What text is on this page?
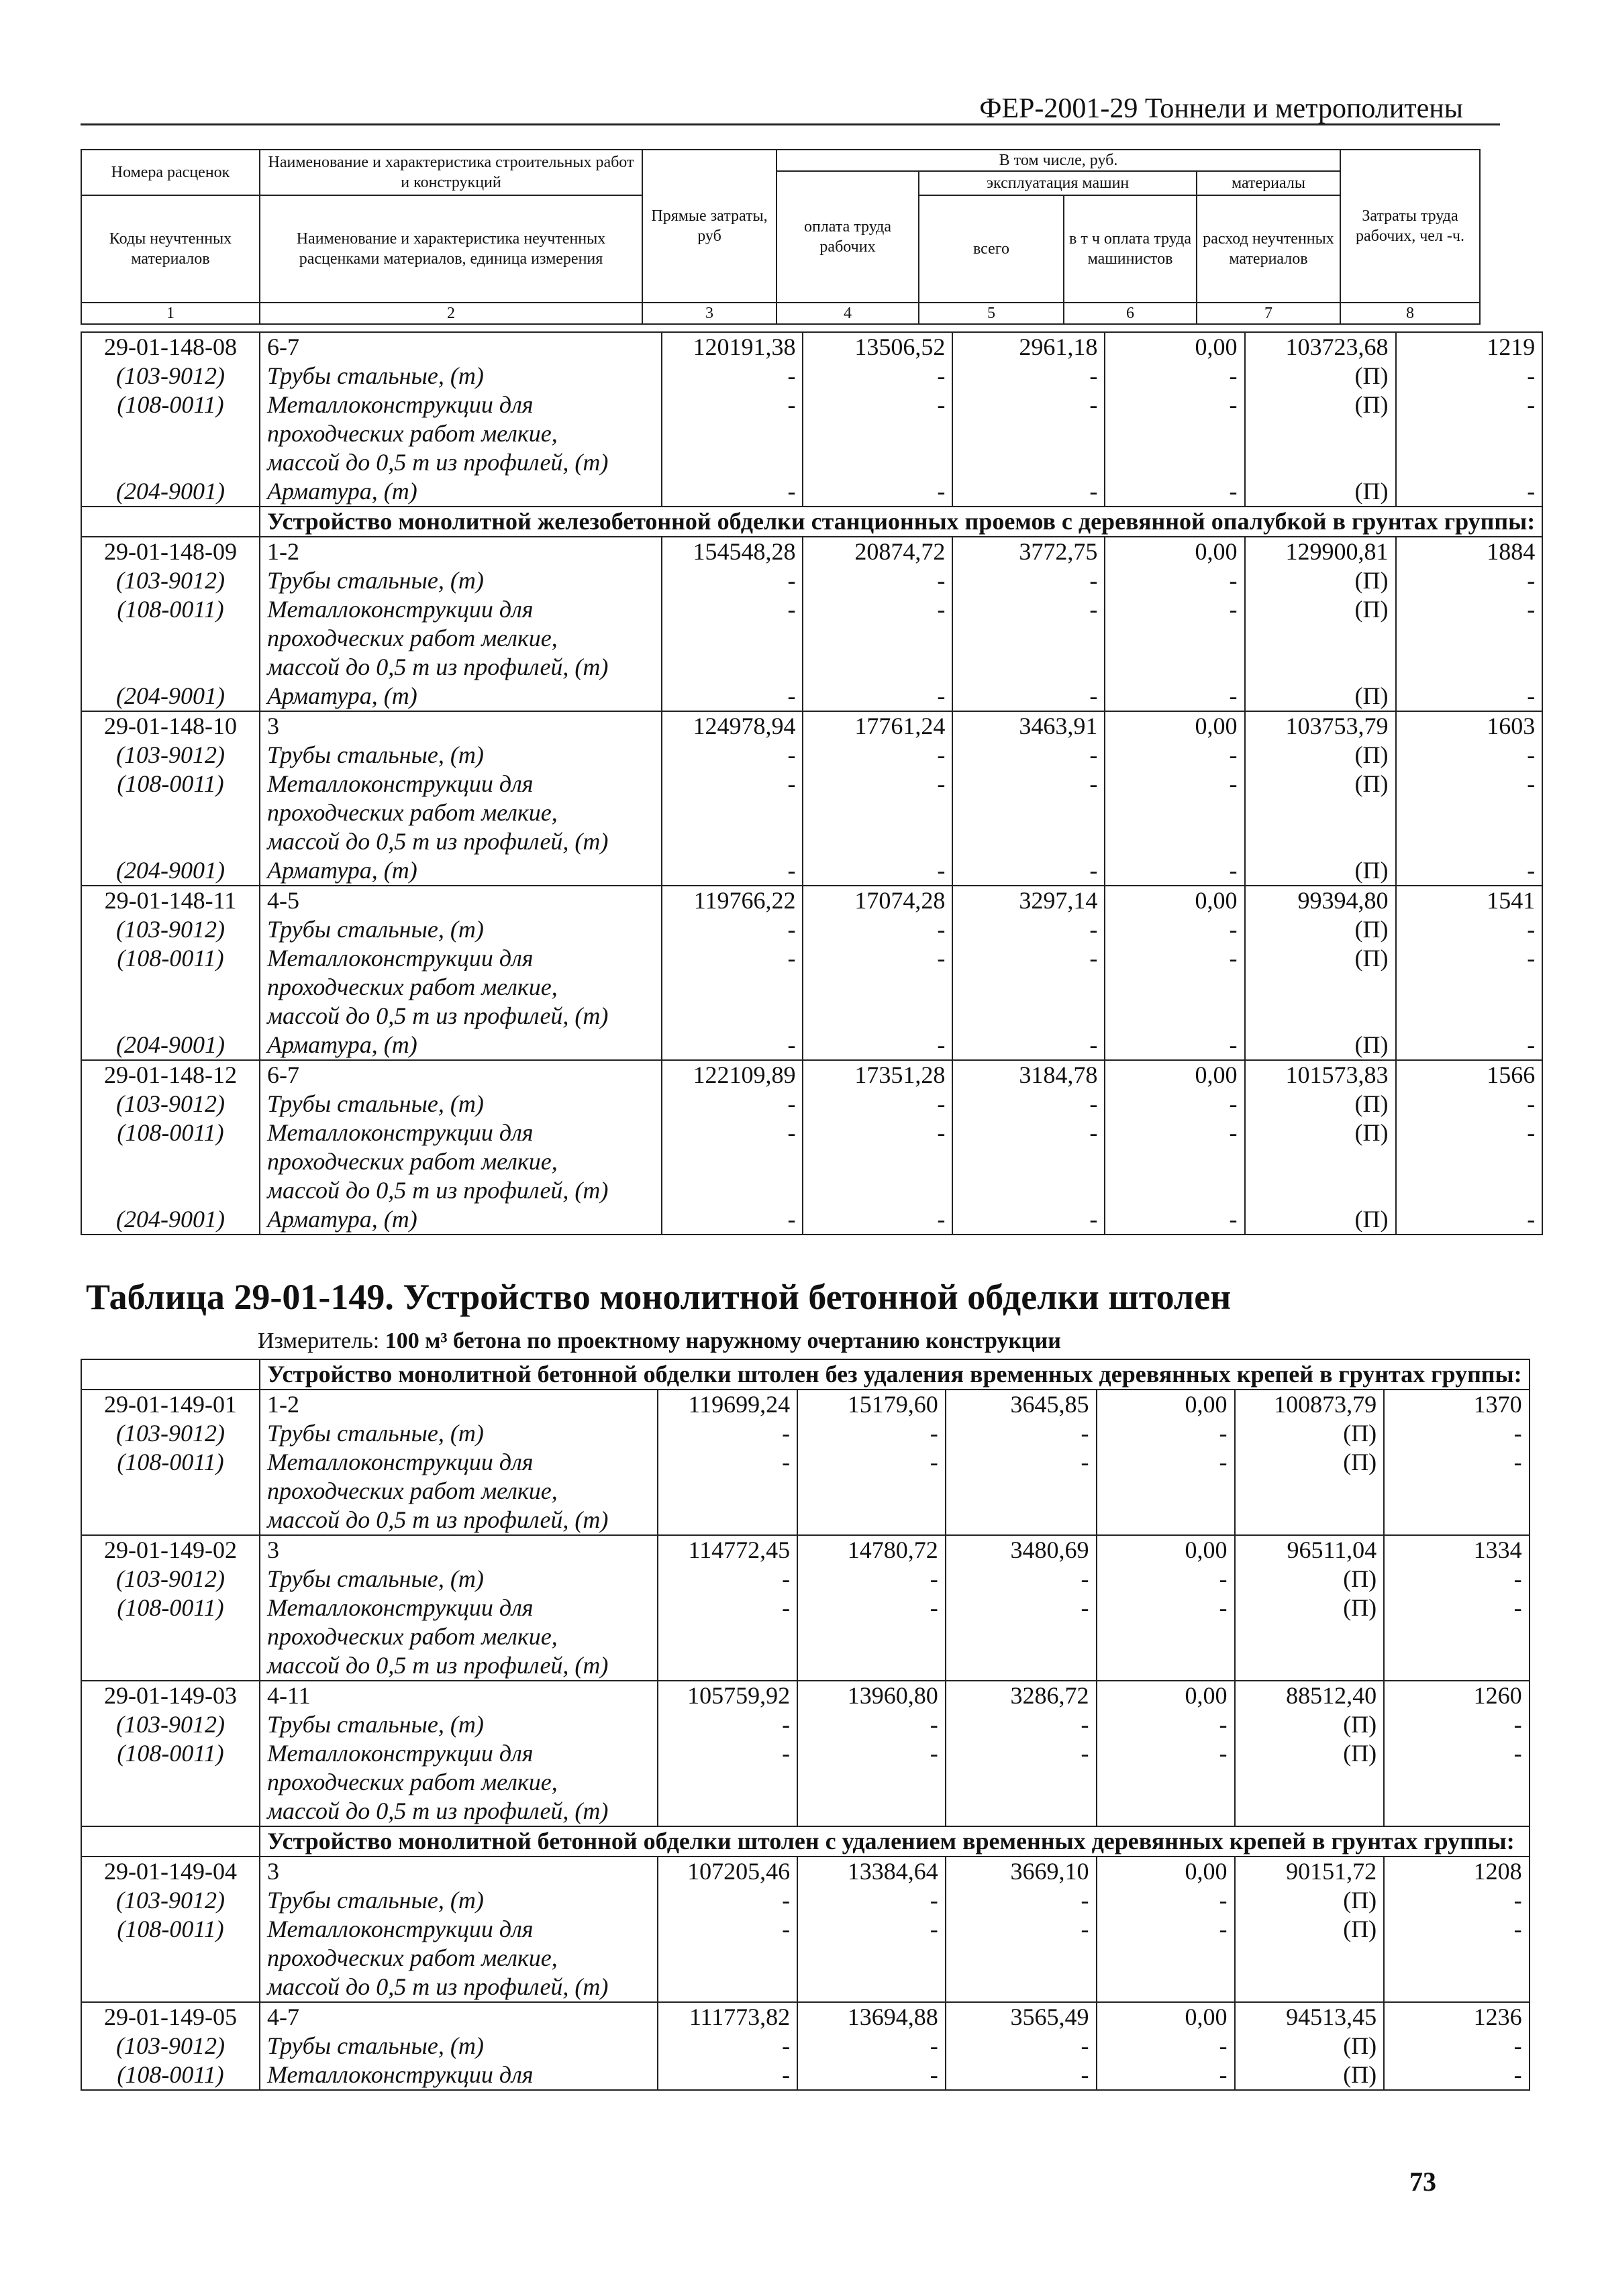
ФЕР-2001-29 Тоннели и метрополитены
Номера расценок	Наименование и характеристика строительных работ и конструкций	Прямые затраты, руб	В том числе, руб.				Затраты труда рабочих, чел -ч.
			оплата труда рабочих	эксплуатация машин		материалы	
Коды неучтенных материалов	Наименование и характеристика неучтенных расценками материалов, единица измерения			всего	в т ч оплата труда машинистов	расход неучтенных материалов	

1	2	3	4	5	6	7	8
29-01-148-08	6-7	120191,38	13506,52	2961,18	0,00	103723,68	1219
(103-9012)	Трубы стальные, (т)	-	-	-	-	(П)	-
(108-0011)	Металлоконструкции для	-	-	-	-	(П)	-
	проходческих работ мелкие,						
	массой до 0,5 т из профилей, (т)						
(204-9001)	Арматура, (т)	-	-	-	-	(П)	-
	Устройство монолитной железобетонной обделки станционных проемов с деревянной опалубкой в грунтах группы:						
29-01-148-09	1-2	154548,28	20874,72	3772,75	0,00	129900,81	1884
(103-9012)	Трубы стальные, (т)	-	-	-	-	(П)	-
(108-0011)	Металлоконструкции для	-	-	-	-	(П)	-
	проходческих работ мелкие,						
	массой до 0,5 т из профилей, (т)						
(204-9001)	Арматура, (т)	-	-	-	-	(П)	-
29-01-148-10	3	124978,94	17761,24	3463,91	0,00	103753,79	1603
(103-9012)	Трубы стальные, (т)	-	-	-	-	(П)	-
(108-0011)	Металлоконструкции для	-	-	-	-	(П)	-
	проходческих работ мелкие,						
	массой до 0,5 т из профилей, (т)						
(204-9001)	Арматура, (т)	-	-	-	-	(П)	-
29-01-148-11	4-5	119766,22	17074,28	3297,14	0,00	99394,80	1541
(103-9012)	Трубы стальные, (т)	-	-	-	-	(П)	-
(108-0011)	Металлоконструкции для	-	-	-	-	(П)	-
	проходческих работ мелкие,						
	массой до 0,5 т из профилей, (т)						
(204-9001)	Арматура, (т)	-	-	-	-	(П)	-
29-01-148-12	6-7	122109,89	17351,28	3184,78	0,00	101573,83	1566
(103-9012)	Трубы стальные, (т)	-	-	-	-	(П)	-
(108-0011)	Металлоконструкции для	-	-	-	-	(П)	-
	проходческих работ мелкие,						
	массой до 0,5 т из профилей, (т)						
(204-9001)	Арматура, (т)	-	-	-	-	(П)	-
Таблица 29-01-149. Устройство монолитной бетонной обделки штолен
Измеритель: 100 м³ бетона по проектному наружному очертанию конструкции
	Устройство монолитной бетонной обделки штолен без удаления временных деревянных крепей в грунтах группы:						
29-01-149-01	1-2	119699,24	15179,60	3645,85	0,00	100873,79	1370
(103-9012)	Трубы стальные, (т)	-	-	-	-	(П)	-
(108-0011)	Металлоконструкции для	-	-	-	-	(П)	-
	проходческих работ мелкие,						
	массой до 0,5 т из профилей, (т)						
29-01-149-02	3	114772,45	14780,72	3480,69	0,00	96511,04	1334
(103-9012)	Трубы стальные, (т)	-	-	-	-	(П)	-
(108-0011)	Металлоконструкции для	-	-	-	-	(П)	-
	проходческих работ мелкие,						
	массой до 0,5 т из профилей, (т)						
29-01-149-03	4-11	105759,92	13960,80	3286,72	0,00	88512,40	1260
(103-9012)	Трубы стальные, (т)	-	-	-	-	(П)	-
(108-0011)	Металлоконструкции для	-	-	-	-	(П)	-
	проходческих работ мелкие,						
	массой до 0,5 т из профилей, (т)						
	Устройство монолитной бетонной обделки штолен с удалением временных деревянных крепей в грунтах группы:						
29-01-149-04	3	107205,46	13384,64	3669,10	0,00	90151,72	1208
(103-9012)	Трубы стальные, (т)	-	-	-	-	(П)	-
(108-0011)	Металлоконструкции для	-	-	-	-	(П)	-
	проходческих работ мелкие,						
	массой до 0,5 т из профилей, (т)						
29-01-149-05	4-7	111773,82	13694,88	3565,49	0,00	94513,45	1236
(103-9012)	Трубы стальные, (т)	-	-	-	-	(П)	-
(108-0011)	Металлоконструкции для	-	-	-	-	(П)	-
73
